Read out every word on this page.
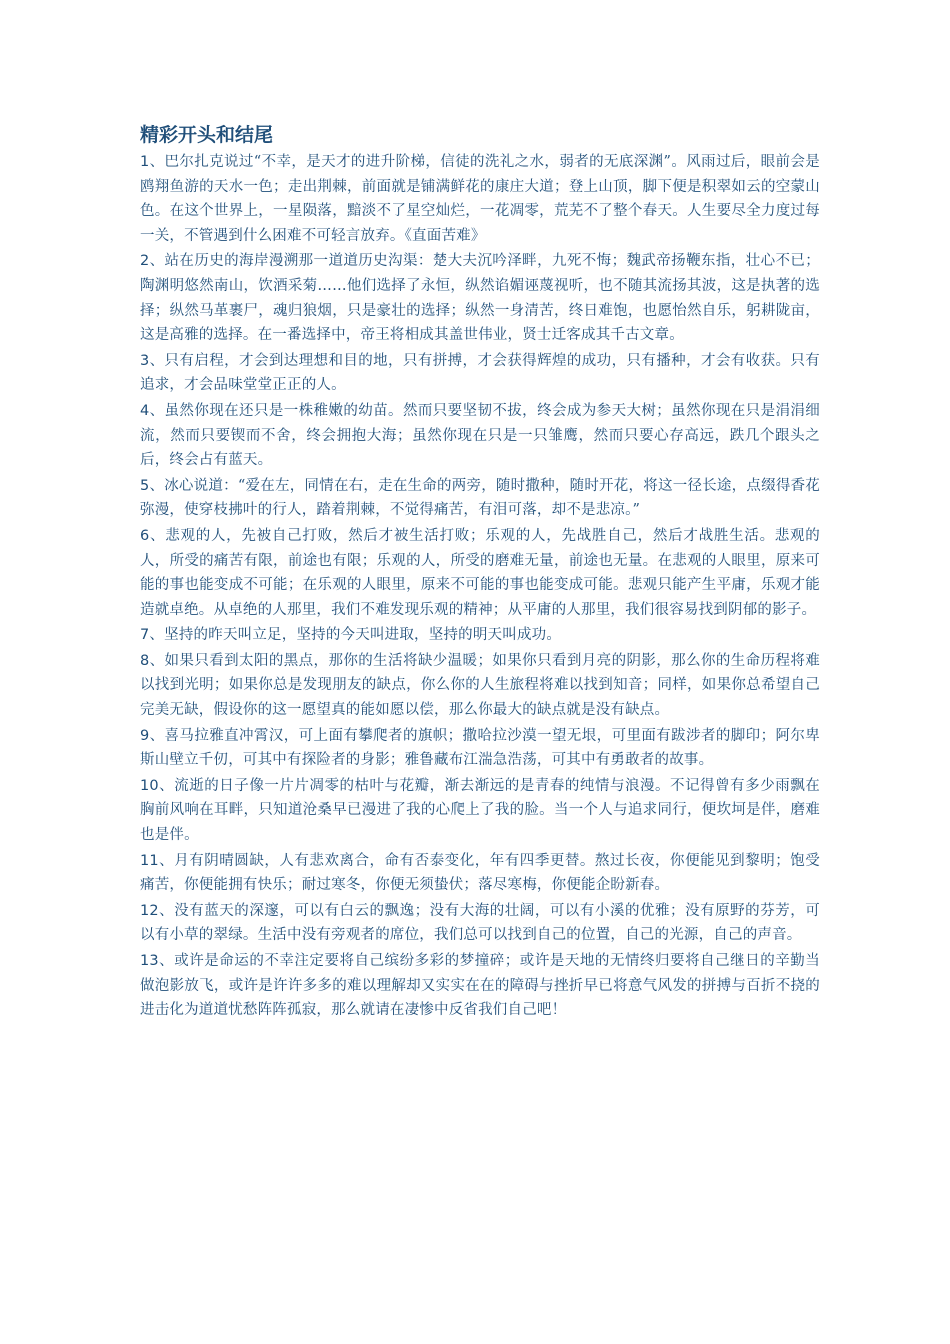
精彩开头和结尾

1、巴尔扎克说过“不幸，是天才的进升阶梯，信徒的洗礼之水，弱者的无底深渊”。风雨过后，眼前会是鸥翔鱼游的天水一色；走出荆棘，前面就是铺满鲜花的康庄大道；登上山顶，脚下便是积翠如云的空蒙山色。在这个世界上，一星陨落，黯淡不了星空灿烂，一花凋零，荒芜不了整个春天。人生要尽全力度过每一关，不管遇到什么困难不可轻言放弃。《直面苦难》

2、站在历史的海岸漫溯那一道道历史沟渠：楚大夫沉吟泽畔，九死不悔；魏武帝扬鞭东指，壮心不已；陶渊明悠然南山，饮酒采菊……他们选择了永恒，纵然谄媚诬蔑视听，也不随其流扬其波，这是执著的选择；纵然马革裹尸，魂归狼烟，只是豪壮的选择；纵然一身清苦，终日难饱，也愿怡然自乐，躬耕陇亩，这是高雅的选择。在一番选择中，帝王将相成其盖世伟业，贤士迁客成其千古文章。

3、只有启程，才会到达理想和目的地，只有拼搏，才会获得辉煌的成功，只有播种，才会有收获。只有追求，才会品味堂堂正正的人。

4、虽然你现在还只是一株稚嫩的幼苗。然而只要坚韧不拔，终会成为参天大树；虽然你现在只是涓涓细流，然而只要锲而不舍，终会拥抱大海；虽然你现在只是一只雏鹰，然而只要心存高远，跌几个跟头之后，终会占有蓝天。

5、冰心说道：“爱在左，同情在右，走在生命的两旁，随时撒种，随时开花，将这一径长途，点缀得香花弥漫，使穿枝拂叶的行人，踏着荆棘，不觉得痛苦，有泪可落，却不是悲凉。”

6、悲观的人，先被自己打败，然后才被生活打败；乐观的人，先战胜自己，然后才战胜生活。悲观的人，所受的痛苦有限，前途也有限；乐观的人，所受的磨难无量，前途也无量。在悲观的人眼里，原来可能的事也能变成不可能；在乐观的人眼里，原来不可能的事也能变成可能。悲观只能产生平庸，乐观才能造就卓绝。从卓绝的人那里，我们不难发现乐观的精神；从平庸的人那里，我们很容易找到阴郁的影子。

7、坚持的昨天叫立足，坚持的今天叫进取，坚持的明天叫成功。

8、如果只看到太阳的黑点，那你的生活将缺少温暖；如果你只看到月亮的阴影，那么你的生命历程将难以找到光明；如果你总是发现朋友的缺点，你么你的人生旅程将难以找到知音；同样，如果你总希望自己完美无缺，假设你的这一愿望真的能如愿以偿，那么你最大的缺点就是没有缺点。

9、喜马拉雅直冲霄汉，可上面有攀爬者的旗帜；撒哈拉沙漠一望无垠，可里面有跋涉者的脚印；阿尔卑斯山壁立千仞，可其中有探险者的身影；雅鲁藏布江湍急浩荡，可其中有勇敢者的故事。

10、流逝的日子像一片片凋零的枯叶与花瓣，渐去渐远的是青春的纯情与浪漫。不记得曾有多少雨飘在胸前风响在耳畔，只知道沧桑早已漫进了我的心爬上了我的脸。当一个人与追求同行，便坎坷是伴，磨难也是伴。

11、月有阴晴圆缺，人有悲欢离合，命有否泰变化，年有四季更替。熬过长夜，你便能见到黎明；饱受痛苦，你便能拥有快乐；耐过寒冬，你便无须蛰伏；落尽寒梅，你便能企盼新春。

12、没有蓝天的深邃，可以有白云的飘逸；没有大海的壮阔，可以有小溪的优雅；没有原野的芬芳，可以有小草的翠绿。生活中没有旁观者的席位，我们总可以找到自己的位置，自己的光源，自己的声音。

13、或许是命运的不幸注定要将自己缤纷多彩的梦撞碎；或许是天地的无情终归要将自己继日的辛勤当做泡影放飞，或许是许许多多的难以理解却又实实在在的障碍与挫折早已将意气风发的拼搏与百折不挠的进击化为道道忧愁阵阵孤寂，那么就请在凄惨中反省我们自己吧！
